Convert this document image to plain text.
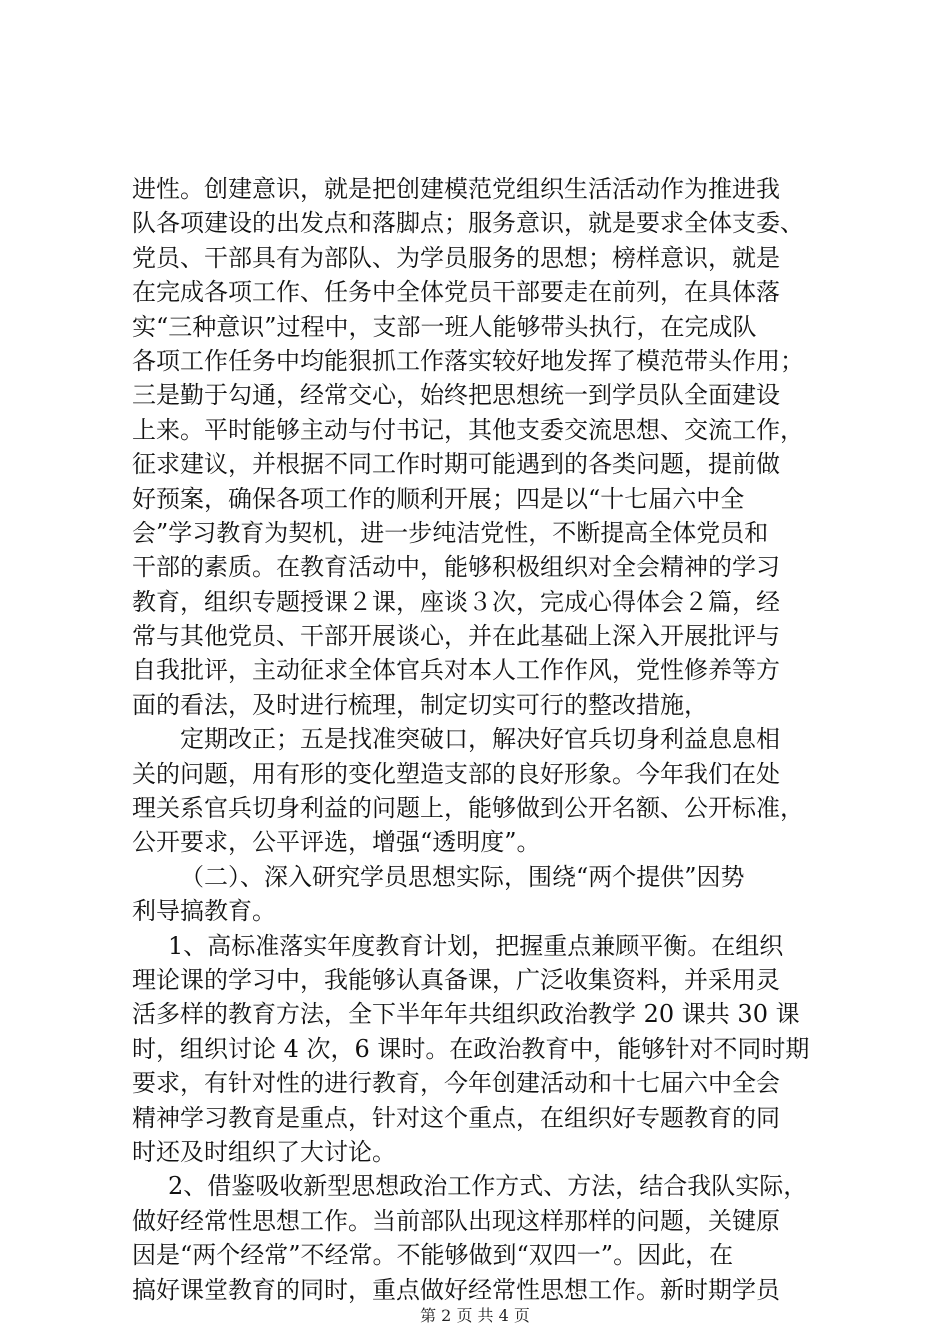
进性。创建意识，就是把创建模范党组织生活活动作为推进我
队各项建设的出发点和落脚点；服务意识，就是要求全体支委、
党员、干部具有为部队、为学员服务的思想；榜样意识，就是
在完成各项工作、任务中全体党员干部要走在前列，在具体落
实“三种意识”过程中，支部一班人能够带头执行，在完成队
各项工作任务中均能狠抓工作落实较好地发挥了模范带头作用；
三是勤于勾通，经常交心，始终把思想统一到学员队全面建设
上来。平时能够主动与付书记，其他支委交流思想、交流工作，
征求建议，并根据不同工作时期可能遇到的各类问题，提前做
好预案，确保各项工作的顺利开展；四是以“十七届六中全
会”学习教育为契机，进一步纯洁党性，不断提高全体党员和
干部的素质。在教育活动中，能够积极组织对全会精神的学习
教育，组织专题授课２课，座谈３次，完成心得体会２篇，经
常与其他党员、干部开展谈心，并在此基础上深入开展批评与
自我批评，主动征求全体官兵对本人工作作风，党性修养等方
面的看法，及时进行梳理，制定切实可行的整改措施，
定期改正；五是找准突破口，解决好官兵切身利益息息相
关的问题，用有形的变化塑造支部的良好形象。今年我们在处
理关系官兵切身利益的问题上，能够做到公开名额、公开标准，
公开要求，公平评选，增强“透明度”。
（二）、深入研究学员思想实际，围绕“两个提供”因势
利导搞教育。
1、高标准落实年度教育计划，把握重点兼顾平衡。在组织
理论课的学习中，我能够认真备课，广泛收集资料，并采用灵
活多样的教育方法，全下半年年共组织政治教学 20 课共 30 课
时，组织讨论 4 次，6 课时。在政治教育中，能够针对不同时期
要求，有针对性的进行教育，今年创建活动和十七届六中全会
精神学习教育是重点，针对这个重点，在组织好专题教育的同
时还及时组织了大讨论。
2、借鉴吸收新型思想政治工作方式、方法，结合我队实际，
做好经常性思想工作。当前部队出现这样那样的问题，关键原
因是“两个经常”不经常。不能够做到“双四一”。因此，在
搞好课堂教育的同时，重点做好经常性思想工作。新时期学员
第 2 页 共 4 页
